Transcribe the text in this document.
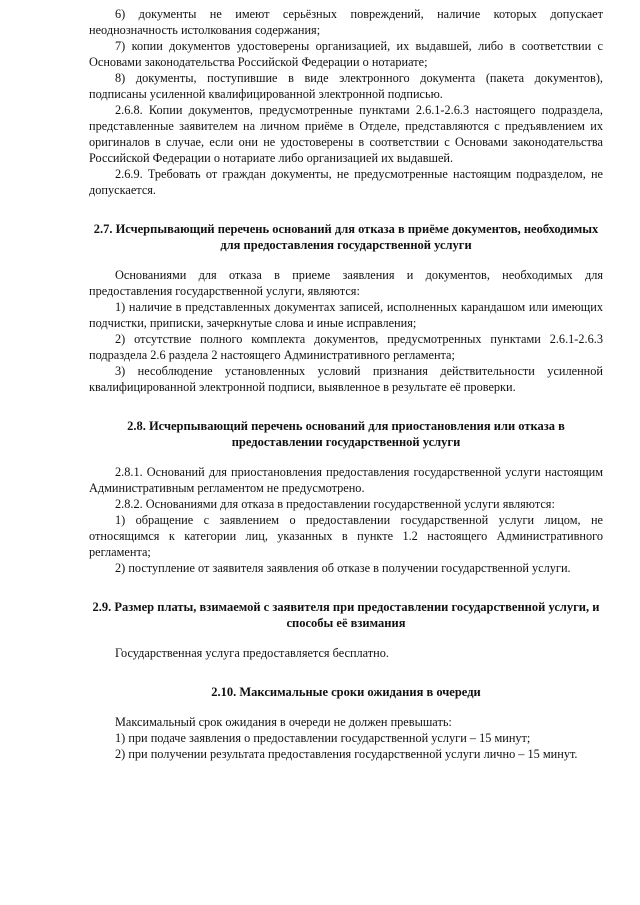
6) документы не имеют серьёзных повреждений, наличие которых допускает неоднозначность истолкования содержания;

7) копии документов удостоверены организацией, их выдавшей, либо в соответствии с Основами законодательства Российской Федерации о нотариате;

8) документы, поступившие в виде электронного документа (пакета документов), подписаны усиленной квалифицированной электронной подписью.

2.6.8. Копии документов, предусмотренные пунктами 2.6.1-2.6.3 настоящего подраздела, представленные заявителем на личном приёме в Отделе, представляются с предъявлением их оригиналов в случае, если они не удостоверены в соответствии с Основами законодательства Российской Федерации о нотариате либо организацией их выдавшей.

2.6.9. Требовать от граждан документы, не предусмотренные настоящим подразделом, не допускается.

2.7. Исчерпывающий перечень оснований для отказа в приёме документов, необходимых для предоставления государственной услуги

Основаниями для отказа в приеме заявления и документов, необходимых для предоставления государственной услуги, являются:

1) наличие в представленных документах записей, исполненных карандашом или имеющих подчистки, приписки, зачеркнутые слова и иные исправления;

2) отсутствие полного комплекта документов, предусмотренных пунктами 2.6.1-2.6.3 подраздела 2.6 раздела 2 настоящего Административного регламента;

3) несоблюдение установленных условий признания действительности усиленной квалифицированной электронной подписи, выявленное в результате её проверки.

2.8. Исчерпывающий перечень оснований для приостановления или отказа в предоставлении государственной услуги

2.8.1. Оснований для приостановления предоставления государственной услуги настоящим Административным регламентом не предусмотрено.

2.8.2. Основаниями для отказа в предоставлении государственной услуги являются:

1) обращение с заявлением о предоставлении государственной услуги лицом, не относящимся к категории лиц, указанных в пункте 1.2 настоящего Административного регламента;

2) поступление от заявителя заявления об отказе в получении государственной услуги.

2.9. Размер платы, взимаемой с заявителя при предоставлении государственной услуги, и способы её взимания

Государственная услуга предоставляется бесплатно.

2.10. Максимальные сроки ожидания в очереди

Максимальный срок ожидания в очереди не должен превышать:

1) при подаче заявления о предоставлении государственной услуги – 15 минут;

2) при получении результата предоставления государственной услуги лично – 15 минут.
